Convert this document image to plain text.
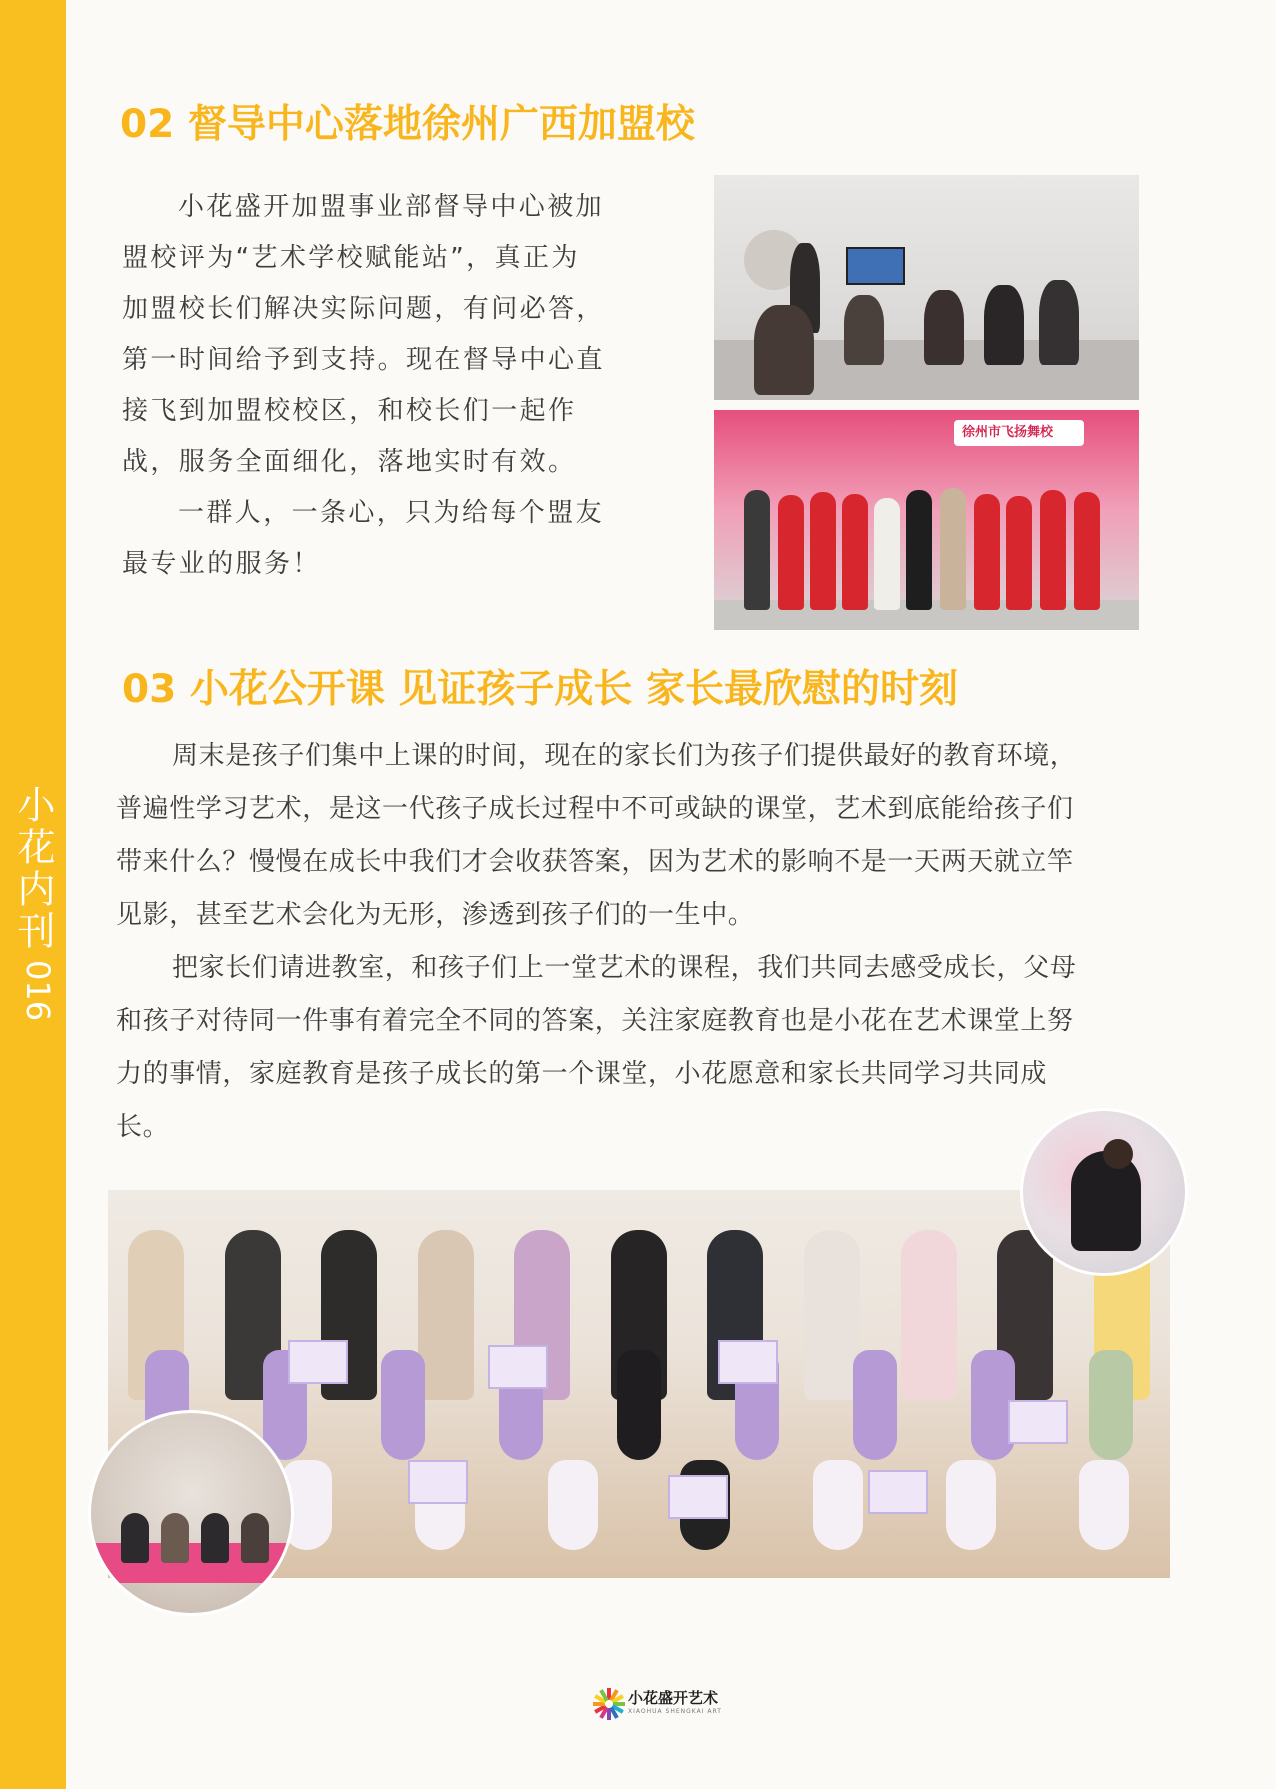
小花内刊
016
02 督导中心落地徐州广西加盟校
小花盛开加盟事业部督导中心被加
盟校评为“艺术学校赋能站”，真正为
加盟校长们解决实际问题，有问必答，
第一时间给予到支持。现在督导中心直
接飞到加盟校校区，和校长们一起作
战，服务全面细化，落地实时有效。
一群人，一条心，只为给每个盟友
最专业的服务！
徐州市飞扬舞校
03 小花公开课 见证孩子成长 家长最欣慰的时刻
周末是孩子们集中上课的时间，现在的家长们为孩子们提供最好的教育环境，
普遍性学习艺术，是这一代孩子成长过程中不可或缺的课堂，艺术到底能给孩子们
带来什么？慢慢在成长中我们才会收获答案，因为艺术的影响不是一天两天就立竿
见影，甚至艺术会化为无形，渗透到孩子们的一生中。
把家长们请进教室，和孩子们上一堂艺术的课程，我们共同去感受成长，父母
和孩子对待同一件事有着完全不同的答案，关注家庭教育也是小花在艺术课堂上努
力的事情，家庭教育是孩子成长的第一个课堂，小花愿意和家长共同学习共同成
长。
小花盛开艺术
XIAOHUA SHENGKAI ART
